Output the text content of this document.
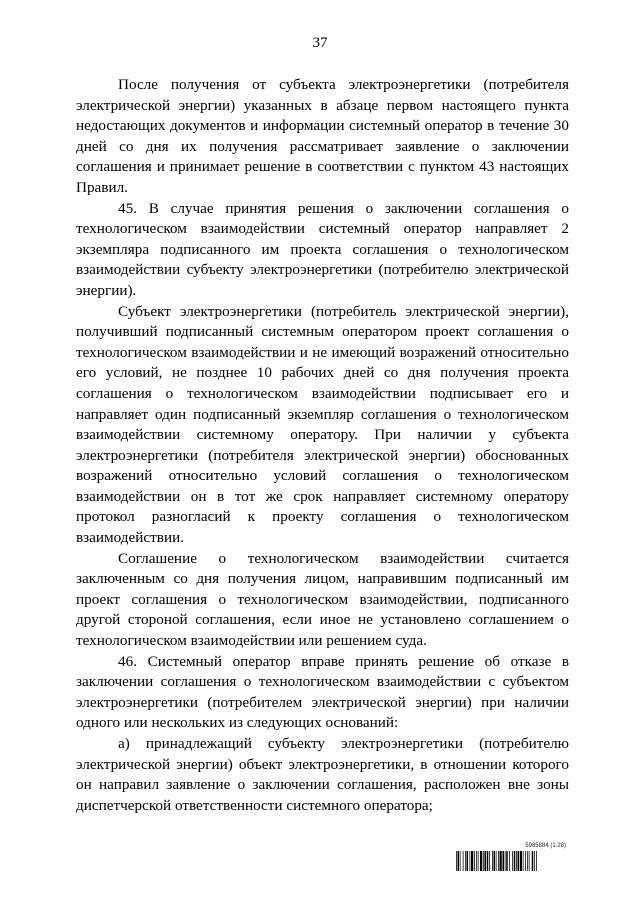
37

После получения от субъекта электроэнергетики (потребителя электрической энергии) указанных в абзаце первом настоящего пункта недостающих документов и информации системный оператор в течение 30 дней со дня их получения рассматривает заявление о заключении соглашения и принимает решение в соответствии с пунктом 43 настоящих Правил.

45. В случае принятия решения о заключении соглашения о технологическом взаимодействии системный оператор направляет 2 экземпляра подписанного им проекта соглашения о технологическом взаимодействии субъекту электроэнергетики (потребителю электрической энергии).

Субъект электроэнергетики (потребитель электрической энергии), получивший подписанный системным оператором проект соглашения о технологическом взаимодействии и не имеющий возражений относительно его условий, не позднее 10 рабочих дней со дня получения проекта соглашения о технологическом взаимодействии подписывает его и направляет один подписанный экземпляр соглашения о технологическом взаимодействии системному оператору. При наличии у субъекта электроэнергетики (потребителя электрической энергии) обоснованных возражений относительно условий соглашения о технологическом взаимодействии он в тот же срок направляет системному оператору протокол разногласий к проекту соглашения о технологическом взаимодействии.

Соглашение о технологическом взаимодействии считается заключенным со дня получения лицом, направившим подписанный им проект соглашения о технологическом взаимодействии, подписанного другой стороной соглашения, если иное не установлено соглашением о технологическом взаимодействии или решением суда.

46. Системный оператор вправе принять решение об отказе в заключении соглашения о технологическом взаимодействии с субъектом электроэнергетики (потребителем электрической энергии) при наличии одного или нескольких из следующих оснований:

а) принадлежащий субъекту электроэнергетики (потребителю электрической энергии) объект электроэнергетики, в отношении которого он направил заявление о заключении соглашения, расположен вне зоны диспетчерской ответственности системного оператора;

5985884 (1.28)
